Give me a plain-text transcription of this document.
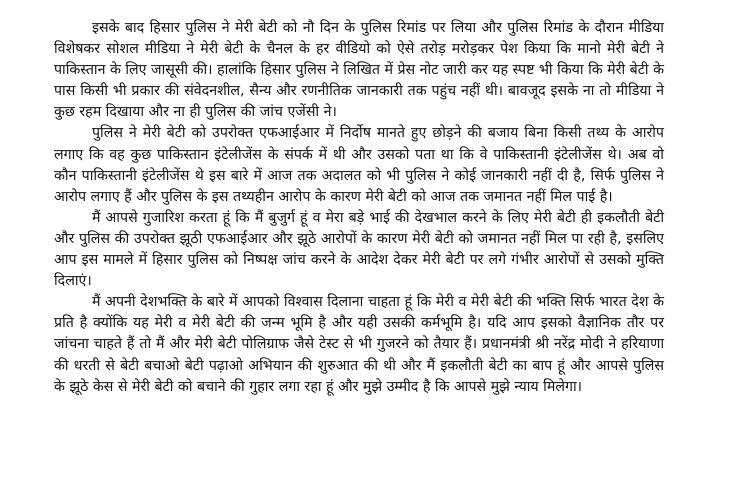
इसके बाद हिसार पुलिस ने मेरी बेटी को नौ दिन के पुलिस रिमांड पर लिया और पुलिस रिमांड के दौरान मीडिया विशेषकर सोशल मीडिया ने मेरी बेटी के चैनल के हर वीडियो को ऐसे तरोड़ मरोड़कर पेश किया कि मानो मेरी बेटी ने पाकिस्तान के लिए जासूसी की। हालांकि हिसार पुलिस ने लिखित में प्रेस नोट जारी कर यह स्पष्ट भी किया कि मेरी बेटी के पास किसी भी प्रकार की संवेदनशील, सैन्य और रणनीतिक जानकारी तक पहुंच नहीं थी। बावजूद इसके ना तो मीडिया ने कुछ रहम दिखाया और ना ही पुलिस की जांच एजेंसी ने।

पुलिस ने मेरी बेटी को उपरोक्त एफआईआर में निर्दोष मानते हुए छोड़ने की बजाय बिना किसी तथ्य के आरोप लगाए कि वह कुछ पाकिस्तान इंटेलीजेंस के संपर्क में थी और उसको पता था कि वे पाकिस्तानी इंटेलीजेंस थे। अब वो कौन पाकिस्तानी इंटेलीजेंस थे इस बारे में आज तक अदालत को भी पुलिस ने कोई जानकारी नहीं दी है, सिर्फ पुलिस ने आरोप लगाए हैं और पुलिस के इस तथ्यहीन आरोप के कारण मेरी बेटी को आज तक जमानत नहीं मिल पाई है।

मैं आपसे गुजारिश करता हूं कि मैं बुजुर्ग हूं व मेरा बड़े भाई की देखभाल करने के लिए मेरी बेटी ही इकलौती बेटी और पुलिस की उपरोक्त झूठी एफआईआर और झूठे आरोपों के कारण मेरी बेटी को जमानत नहीं मिल पा रही है, इसलिए आप इस मामले में हिसार पुलिस को निष्पक्ष जांच करने के आदेश देकर मेरी बेटी पर लगे गंभीर आरोपों से उसको मुक्ति दिलाएं।

मैं अपनी देशभक्ति के बारे में आपको विश्वास दिलाना चाहता हूं कि मेरी व मेरी बेटी की भक्ति सिर्फ भारत देश के प्रति है क्योंकि यह मेरी व मेरी बेटी की जन्म भूमि है और यही उसकी कर्मभूमि है। यदि आप इसको वैज्ञानिक तौर पर जांचना चाहते हैं तो मैं और मेरी बेटी पोलिग्राफ जैसे टेस्ट से भी गुजरने को तैयार हैं। प्रधानमंत्री श्री नरेंद्र मोदी ने हरियाणा की धरती से बेटी बचाओ बेटी पढ़ाओ अभियान की शुरुआत की थी और मैं इकलौती बेटी का बाप हूं और आपसे पुलिस के झूठे केस से मेरी बेटी को बचाने की गुहार लगा रहा हूं और मुझे उम्मीद है कि आपसे मुझे न्याय मिलेगा।
